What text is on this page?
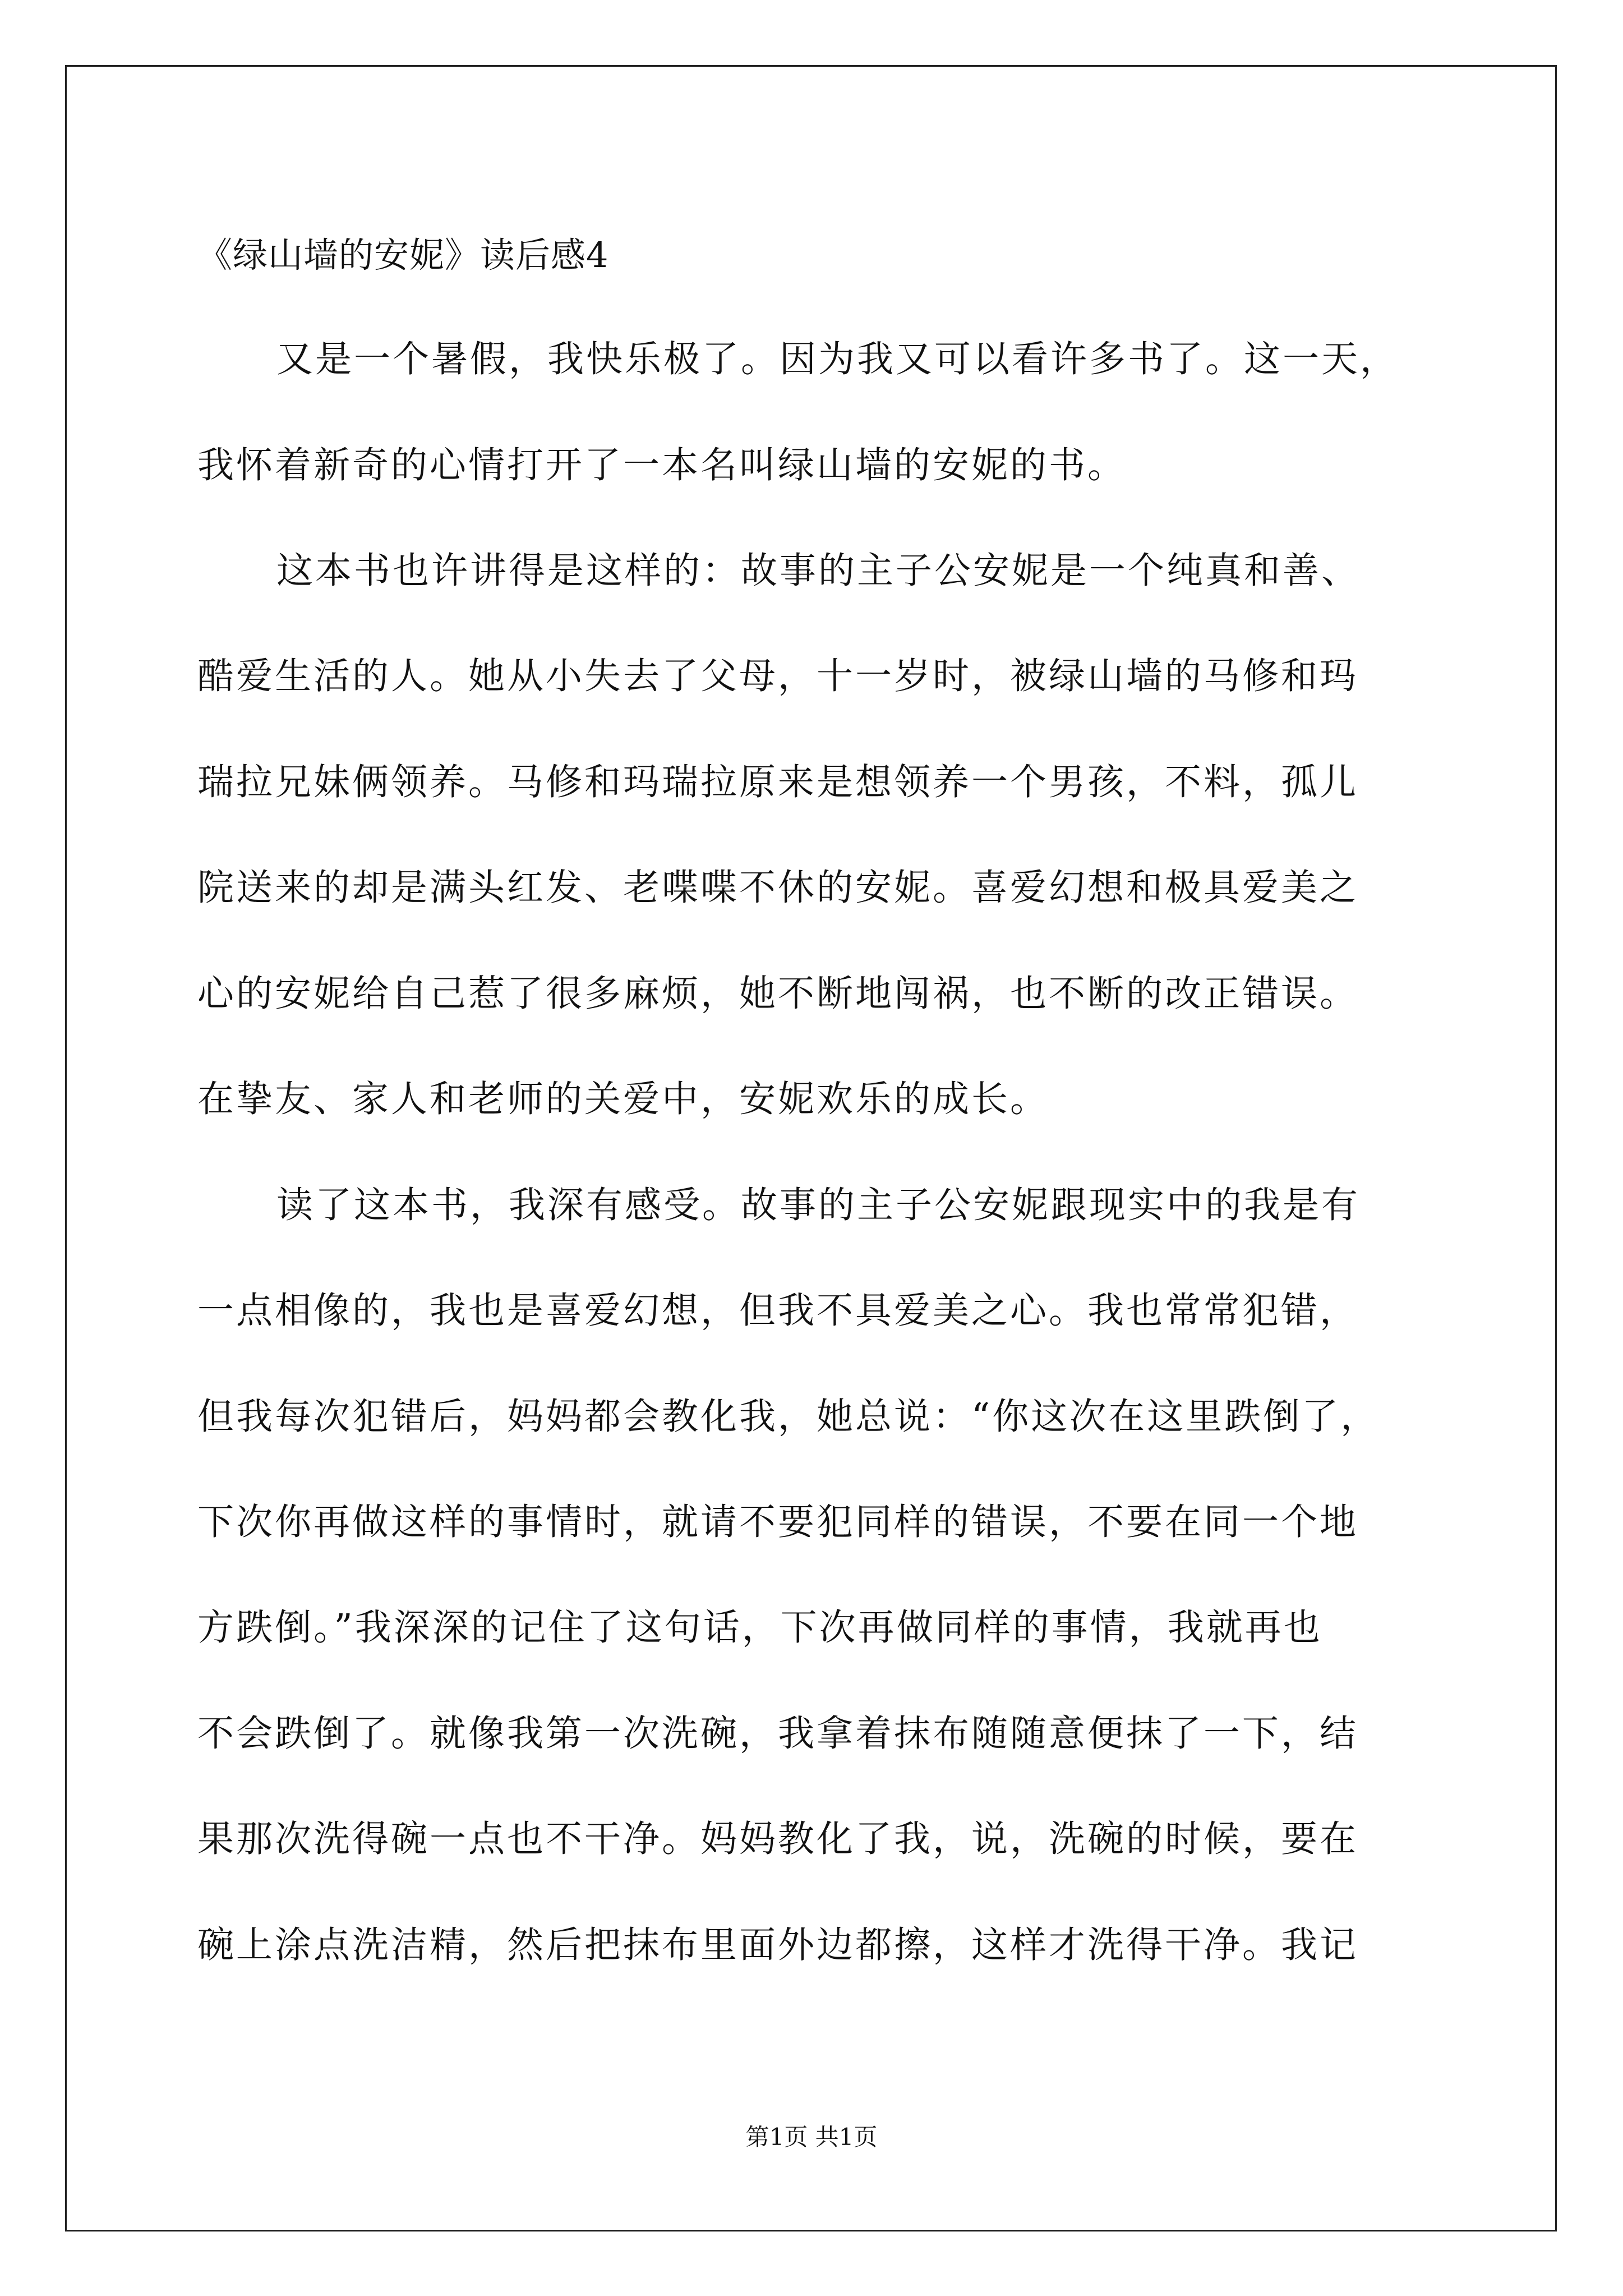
《绿山墙的安妮》读后感4
又是一个暑假，我快乐极了。因为我又可以看许多书了。这一天，
我怀着新奇的心情打开了一本名叫绿山墙的安妮的书。
这本书也许讲得是这样的：故事的主子公安妮是一个纯真和善、
酷爱生活的人。她从小失去了父母，十一岁时，被绿山墙的马修和玛
瑞拉兄妹俩领养。马修和玛瑞拉原来是想领养一个男孩，不料，孤儿
院送来的却是满头红发、老喋喋不休的安妮。喜爱幻想和极具爱美之
心的安妮给自己惹了很多麻烦，她不断地闯祸，也不断的改正错误。
在挚友、家人和老师的关爱中，安妮欢乐的成长。
读了这本书，我深有感受。故事的主子公安妮跟现实中的我是有
一点相像的，我也是喜爱幻想，但我不具爱美之心。我也常常犯错，
但我每次犯错后，妈妈都会教化我，她总说：“你这次在这里跌倒了，
下次你再做这样的事情时，就请不要犯同样的错误，不要在同一个地
方跌倒。”我深深的记住了这句话，下次再做同样的事情，我就再也
不会跌倒了。就像我第一次洗碗，我拿着抹布随随意便抹了一下，结
果那次洗得碗一点也不干净。妈妈教化了我，说，洗碗的时候，要在
碗上涂点洗洁精，然后把抹布里面外边都擦，这样才洗得干净。我记
第1页 共1页
